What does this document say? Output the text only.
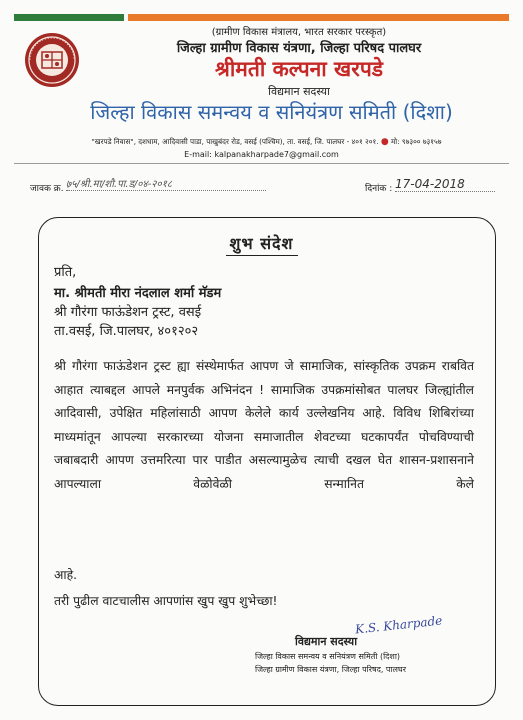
(ग्रामीण विकास मंत्रालय, भारत सरकार परस्कृत)
जिल्हा ग्रामीण विकास यंत्रणा, जिल्हा परिषद पालघर
श्रीमती कल्पना खरपडे
विद्यमान सदस्या
जिल्हा विकास समन्वय व सनियंत्रण समिती (दिशा)
"खरपडे निवास", दशधाम, आदिवासी पाडा, पाखुबंदर रोड, वसई (पश्चिम), ता. वसई, जि. पालघर - ४०१ २०१. ● मो: ९७३०० ७३१५७
E-mail: kalpanakharpade7@gmail.com
जावक क्र. :
७५/श्री.मा/शौ.पा.ड/०४-२०१८	दिनांक : 17-04-2018
शुभ संदेश
प्रति,
मा. श्रीमती मीरा नंदलाल शर्मा मॅडम
श्री गौरंगा फाऊंडेशन ट्रस्ट, वसई
ता.वसई, जि.पालघर, ४०१२०२
श्री गौरंगा फाऊंडेशन ट्रस्ट ह्या संस्थेमार्फत आपण जे सामाजिक, सांस्कृतिक उपक्रम राबवित आहात त्याबद्दल आपले मनपुर्वक अभिनंदन ! सामाजिक उपक्रमांसोबत पालघर जिल्ह्यांतील आदिवासी, उपेक्षित महिलांसाठी आपण केलेले कार्य उल्लेखनिय आहे. विविध शिबिरांच्या माध्यमांतून आपल्या सरकारच्या योजना समाजातील शेवटच्या घटकापर्यंत पोचविण्याची जबाबदारी आपण उत्तमरित्या पार पाडीत असल्यामुळेच त्याची दखल घेत शासन-प्रशासनाने आपल्याला वेळोवेळी सन्मानित केले
आहे.
तरी पुढील वाटचालीस आपणांस खुप खुप शुभेच्छा!
K.S. Kharpade
विद्यमान सदस्या
जिल्हा विकास समन्वय व सनियंत्रण समिती (दिशा)
जिल्हा ग्रामीण विकास यंत्रणा, जिल्हा परिषद, पालघर
